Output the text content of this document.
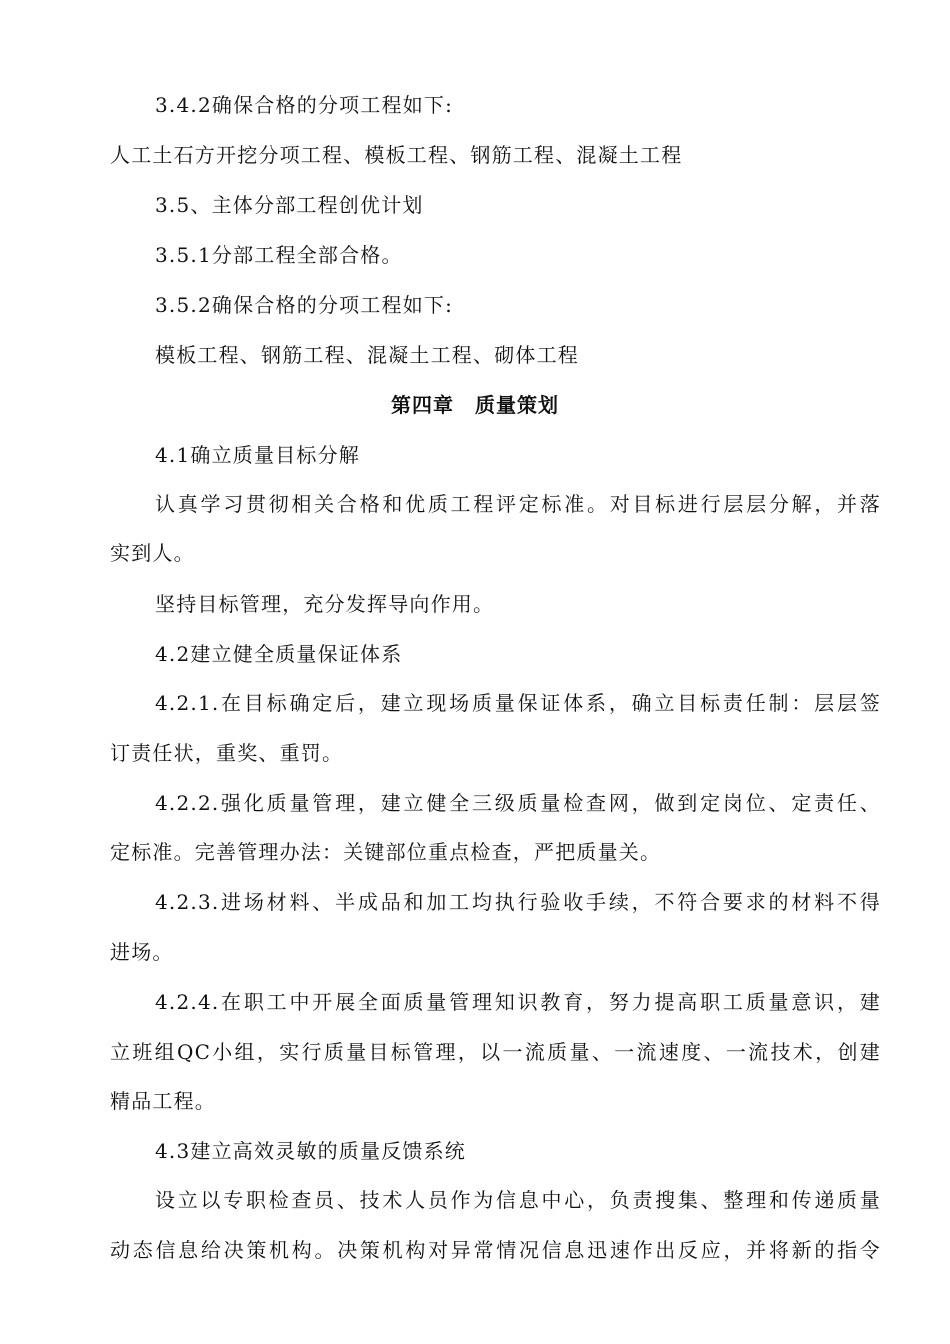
3.4.2确保合格的分项工程如下:
人工土石方开挖分项工程、模板工程、钢筋工程、混凝土工程
3.5、主体分部工程创优计划
3.5.1分部工程全部合格。
3.5.2确保合格的分项工程如下:
模板工程、钢筋工程、混凝土工程、砌体工程
第四章　质量策划
4.1确立质量目标分解
认真学习贯彻相关合格和优质工程评定标准。对目标进行层层分解，并落
实到人。
坚持目标管理，充分发挥导向作用。
4.2建立健全质量保证体系
4.2.1.在目标确定后，建立现场质量保证体系，确立目标责任制：层层签
订责任状，重奖、重罚。
4.2.2.强化质量管理，建立健全三级质量检查网，做到定岗位、定责任、
定标准。完善管理办法：关键部位重点检查，严把质量关。
4.2.3.进场材料、半成品和加工均执行验收手续，不符合要求的材料不得
进场。
4.2.4.在职工中开展全面质量管理知识教育，努力提高职工质量意识，建
立班组QC小组，实行质量目标管理，以一流质量、一流速度、一流技术，创建
精品工程。
4.3建立高效灵敏的质量反馈系统
设立以专职检查员、技术人员作为信息中心，负责搜集、整理和传递质量
动态信息给决策机构。决策机构对异常情况信息迅速作出反应，并将新的指令
